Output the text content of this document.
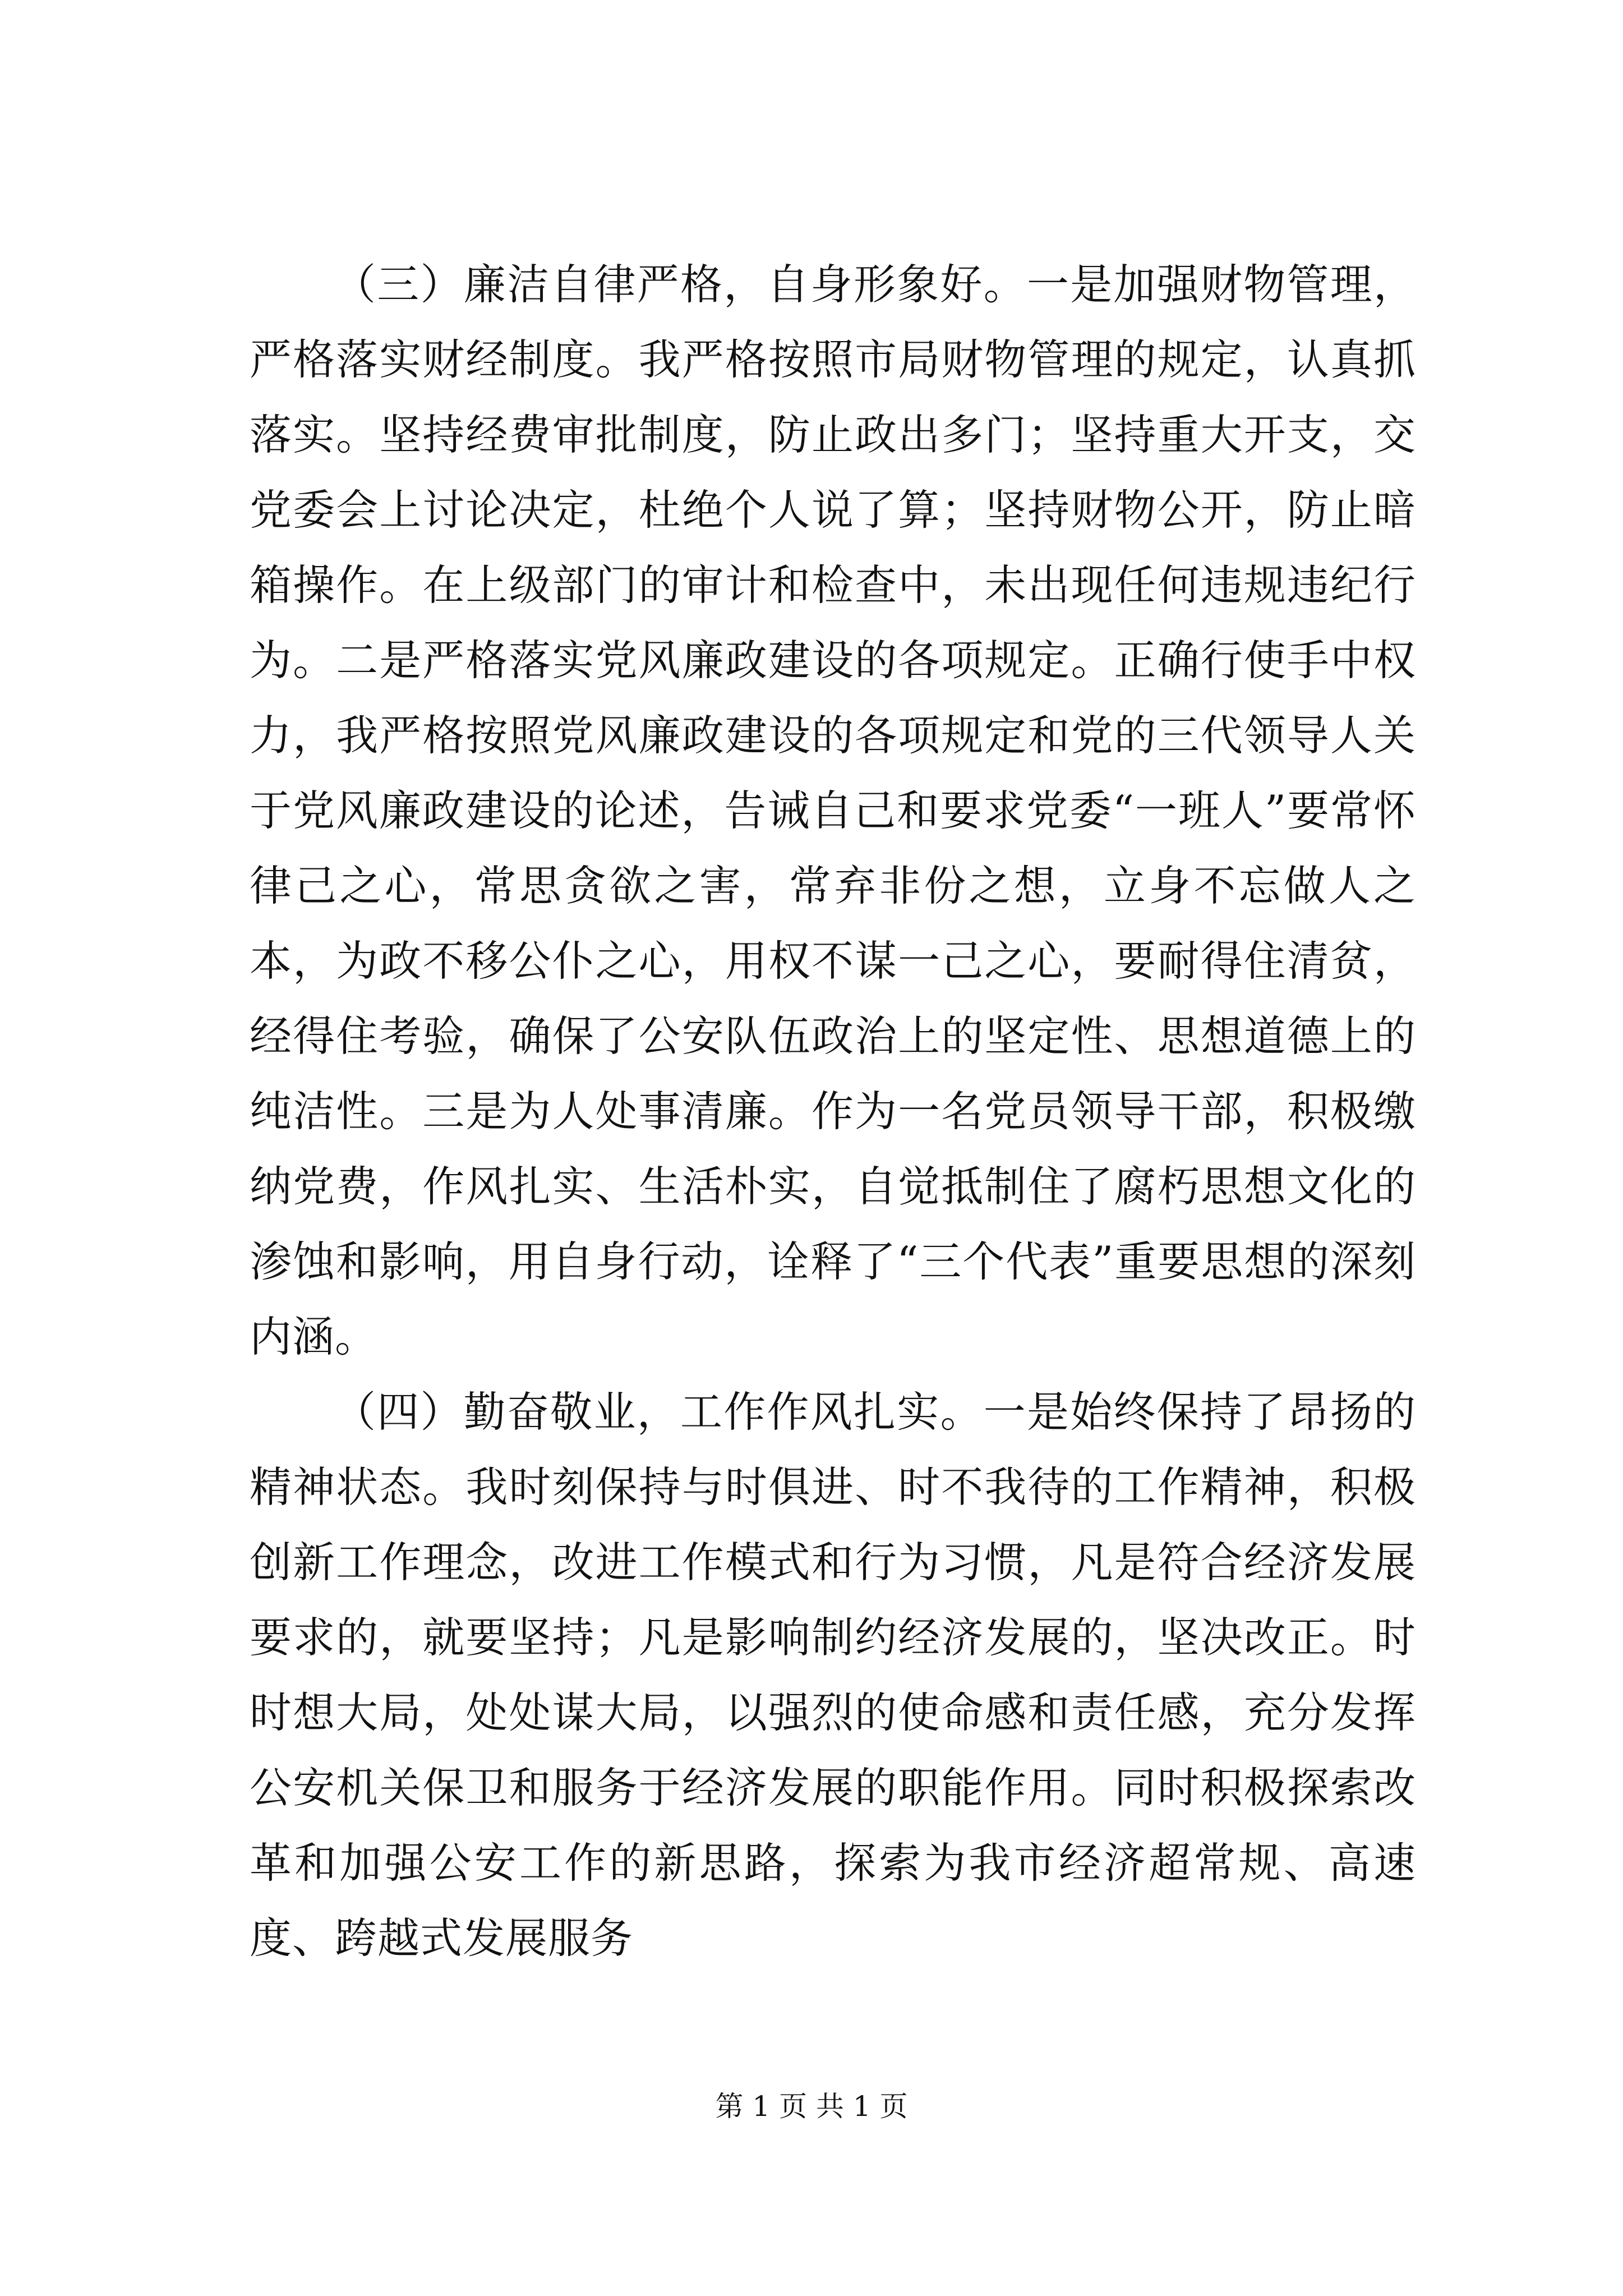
（三）廉洁自律严格，自身形象好。一是加强财物管理，严格落实财经制度。我严格按照市局财物管理的规定，认真抓落实。坚持经费审批制度，防止政出多门；坚持重大开支，交党委会上讨论决定，杜绝个人说了算；坚持财物公开，防止暗箱操作。在上级部门的审计和检查中，未出现任何违规违纪行为。二是严格落实党风廉政建设的各项规定。正确行使手中权力，我严格按照党风廉政建设的各项规定和党的三代领导人关于党风廉政建设的论述，告诫自己和要求党委“一班人”要常怀律己之心，常思贪欲之害，常弃非份之想，立身不忘做人之本，为政不移公仆之心，用权不谋一己之心，要耐得住清贫，经得住考验，确保了公安队伍政治上的坚定性、思想道德上的纯洁性。三是为人处事清廉。作为一名党员领导干部，积极缴纳党费，作风扎实、生活朴实，自觉抵制住了腐朽思想文化的渗蚀和影响，用自身行动，诠释了“三个代表”重要思想的深刻内涵。

（四）勤奋敬业，工作作风扎实。一是始终保持了昂扬的精神状态。我时刻保持与时俱进、时不我待的工作精神，积极创新工作理念，改进工作模式和行为习惯，凡是符合经济发展要求的，就要坚持；凡是影响制约经济发展的，坚决改正。时时想大局，处处谋大局，以强烈的使命感和责任感，充分发挥公安机关保卫和服务于经济发展的职能作用。同时积极探索改革和加强公安工作的新思路，探索为我市经济超常规、高速度、跨越式发展服务

第 1 页 共 1 页
